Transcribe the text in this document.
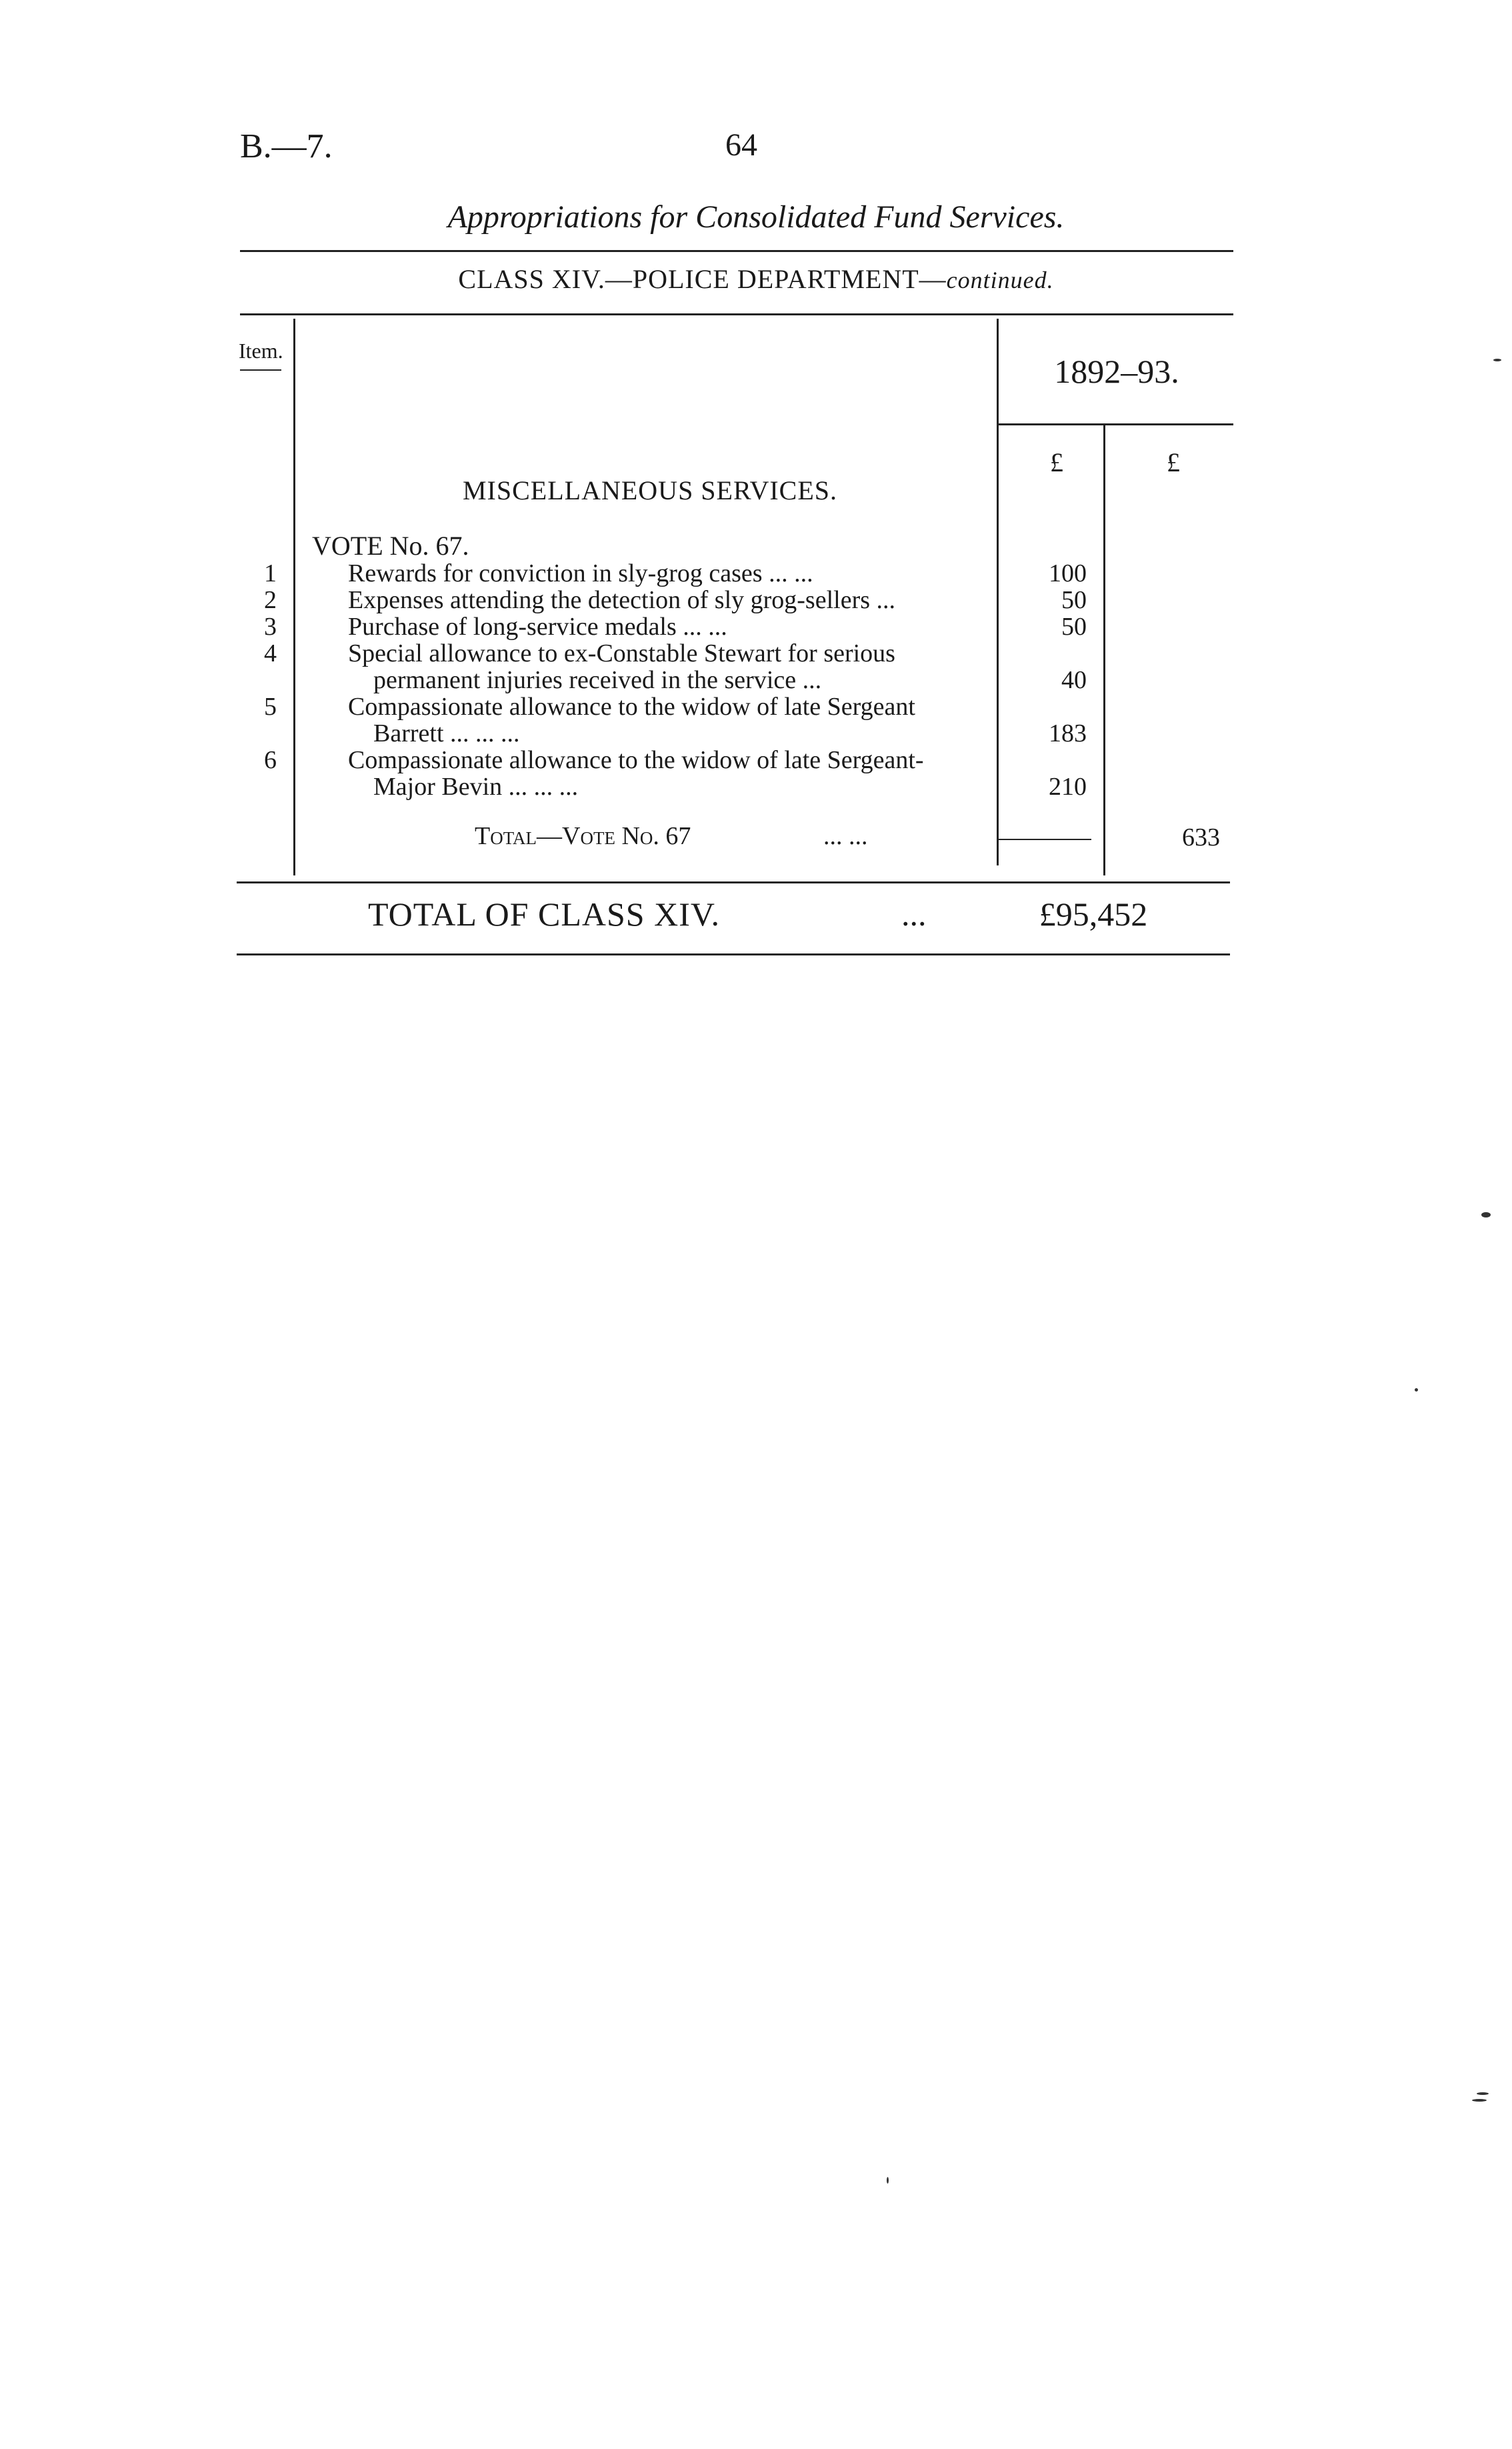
B.—7.	64
Appropriations for Consolidated Fund Services.
CLASS XIV.—POLICE DEPARTMENT—continued.
Item.
1892–93.
£	£
MISCELLANEOUS SERVICES.
VOTE No. 67.
1	Rewards for conviction in sly-grog cases ... ...	100
2	Expenses attending the detection of sly grog-sellers ...	50
3	Purchase of long-service medals ... ...	50
4	Special allowance to ex-Constable Stewart for serious
permanent injuries received in the service ...	40
5	Compassionate allowance to the widow of late Sergeant
Barrett ... ... ...	183
6	Compassionate allowance to the widow of late Sergeant-
Major Bevin ... ... ...	210
Total—Vote No. 67	... ...	633
TOTAL OF CLASS XIV.	...	£95,452
